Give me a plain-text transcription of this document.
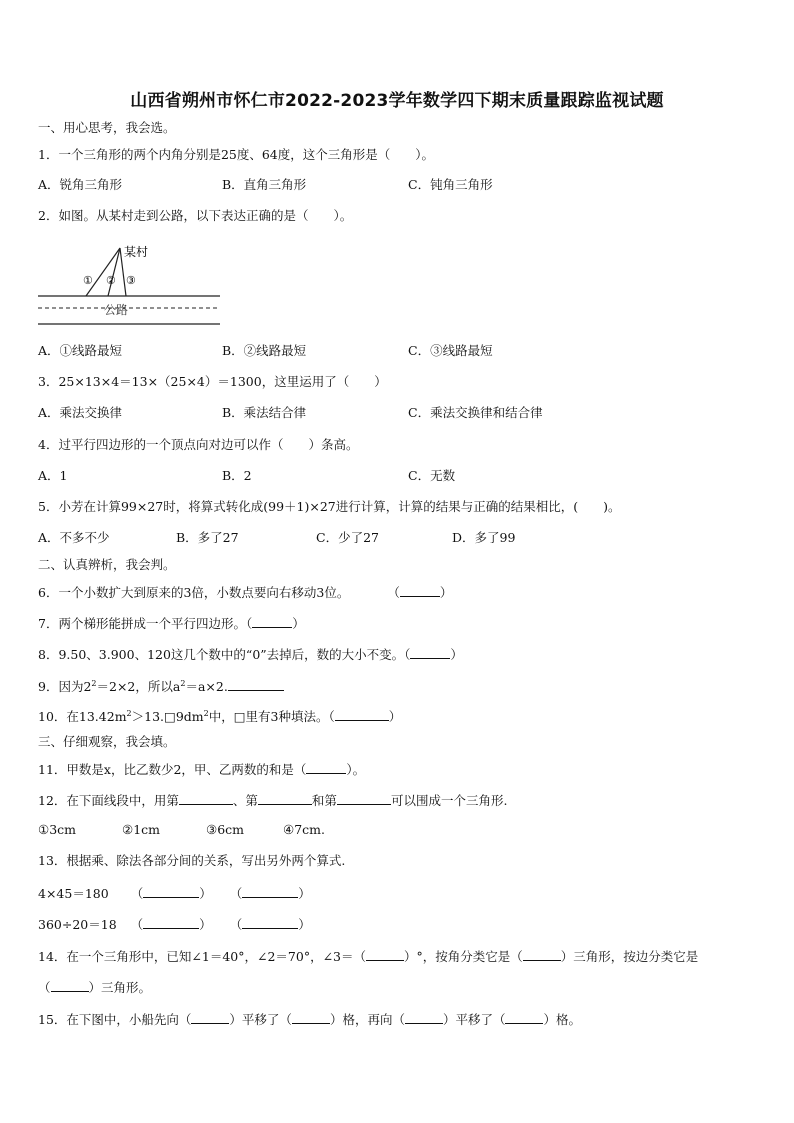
山西省朔州市怀仁市2022-2023学年数学四下期末质量跟踪监视试题
一、用心思考，我会选。
1．一个三角形的两个内角分别是25度、64度，这个三角形是（　　）。
A．锐角三角形	B．直角三角形	C．钝角三角形
2．如图。从某村走到公路，以下表达正确的是（　　）。
某村
公路
① ② ③
A．①线路最短	B．②线路最短	C．③线路最短
3．25×13×4＝13×（25×4）＝1300，这里运用了（　　）
A．乘法交换律	B．乘法结合律	C．乘法交换律和结合律
4．过平行四边形的一个顶点向对边可以作（　　）条高。
A．1	B．2	C．无数
5．小芳在计算99×27时，将算式转化成(99＋1)×27进行计算，计算的结果与正确的结果相比，(　　)。
A．不多不少	B．多了27	C．少了27	D．多了99
二、认真辨析，我会判。
6．一个小数扩大到原来的3倍，小数点要向右移动3位。	（	）
7．两个梯形能拼成一个平行四边形。（	）
8．9.50、3.900、120这几个数中的“0”去掉后，数的大小不变。（	）
9．因为$2^2=2\times 2$，所以$a^2=a\times 2$.
10．在$13.42m^2>13.□9dm^2$中，□里有3种填法。（	）
三、仔细观察，我会填。
11．甲数是x，比乙数少2，甲、乙两数的和是（	）。
12．在下面线段中，用第	、第	和第	可以围成一个三角形.
①3cm	②1cm	③6cm	④7cm.
13．根据乘、除法各部分间的关系，写出另外两个算式.
4×45＝180 （	） （	）
360÷20＝18 （	） （	）
14．在一个三角形中，已知∠1＝40°，∠2＝70°，∠3＝（	）°，按角分类它是（	）三角形，按边分类它是
（	）三角形。
15．在下图中，小船先向（	）平移了（	）格，再向（	）平移了（	）格。
